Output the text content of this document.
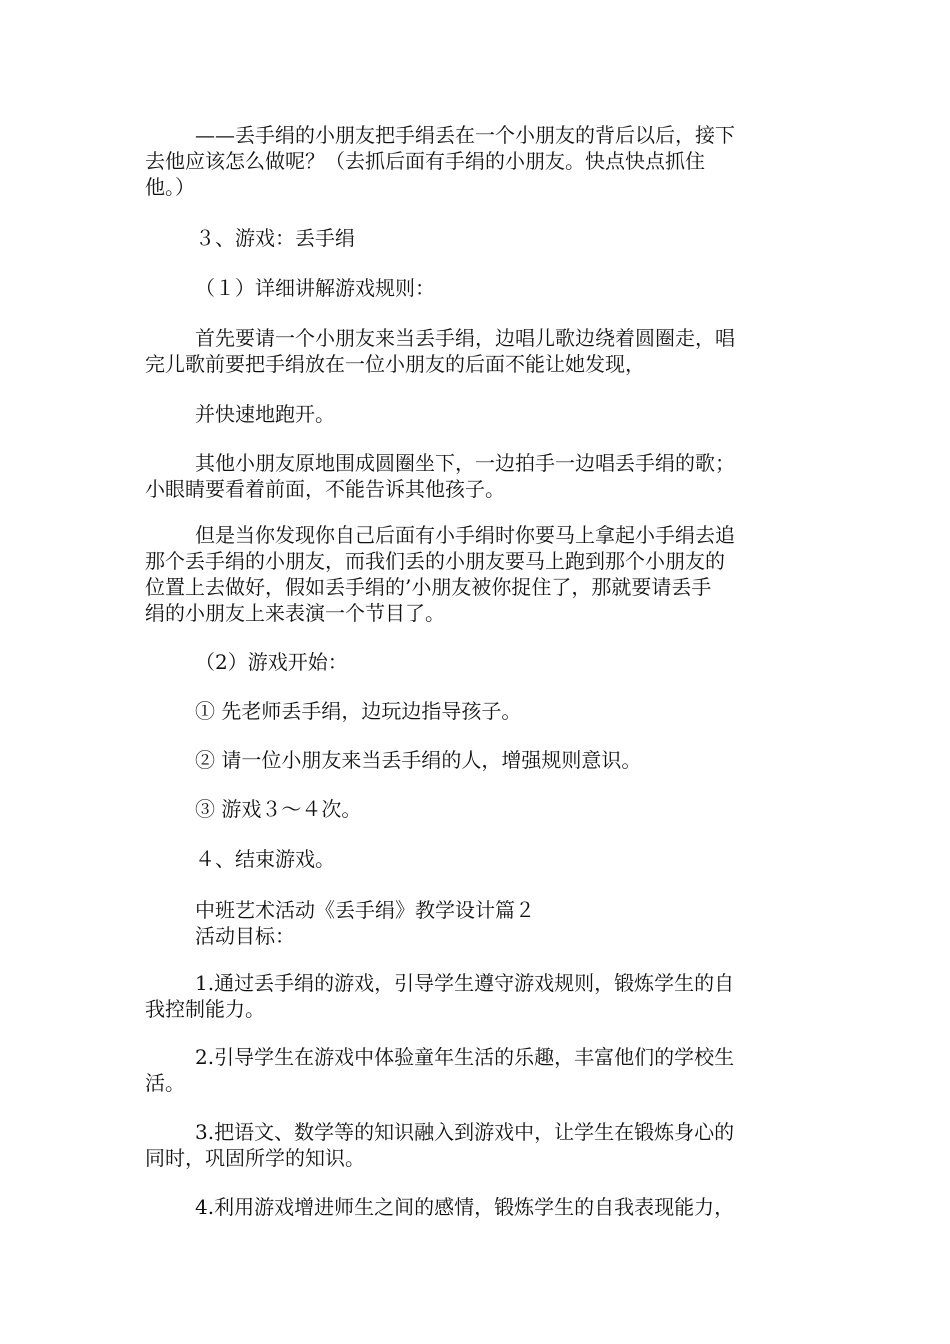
——丢手绢的小朋友把手绢丢在一个小朋友的背后以后，接下
去他应该怎么做呢？（去抓后面有手绢的小朋友。快点快点抓住
他。）
３、游戏：丢手绢
（１）详细讲解游戏规则：
首先要请一个小朋友来当丢手绢，边唱儿歌边绕着圆圈走，唱
完儿歌前要把手绢放在一位小朋友的后面不能让她发现，
并快速地跑开。
其他小朋友原地围成圆圈坐下，一边拍手一边唱丢手绢的歌；
小眼睛要看着前面，不能告诉其他孩子。
但是当你发现你自己后面有小手绢时你要马上拿起小手绢去追
那个丢手绢的小朋友，而我们丢的小朋友要马上跑到那个小朋友的
位置上去做好，假如丢手绢的’小朋友被你捉住了，那就要请丢手
绢的小朋友上来表演一个节目了。
（2）游戏开始：
① 先老师丢手绢，边玩边指导孩子。
② 请一位小朋友来当丢手绢的人，增强规则意识。
③ 游戏３～４次。
４、结束游戏。
中班艺术活动《丢手绢》教学设计篇２
活动目标：
1.通过丢手绢的游戏，引导学生遵守游戏规则，锻炼学生的自
我控制能力。
2.引导学生在游戏中体验童年生活的乐趣，丰富他们的学校生
活。
3.把语文、数学等的知识融入到游戏中，让学生在锻炼身心的
同时，巩固所学的知识。
4.利用游戏增进师生之间的感情，锻炼学生的自我表现能力，
